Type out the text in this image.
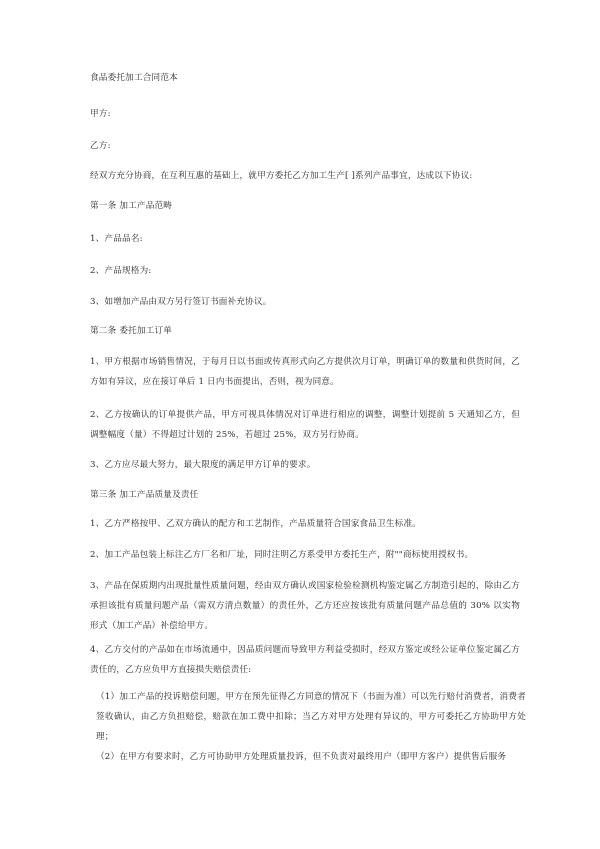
食品委托加工合同范本
甲方:
乙方:
经双方充分协商，在互利互惠的基础上，就甲方委托乙方加工生产[ ]系列产品事宜，达成以下协议:
第一条 加工产品范畴
1、产品品名:
2、产品规格为:
3、如增加产品由双方另行签订书面补充协议。
第二条 委托加工订单
1、甲方根据市场销售情况，于每月日以书面或传真形式向乙方提供次月订单，明确订单的数量和供货时间，乙方如有异议，应在接订单后 1 日内书面提出，否则，视为同意。
2、乙方按确认的订单提供产品，甲方可视具体情况对订单进行相应的调整，调整计划提前 5 天通知乙方，但调整幅度（量）不得超过计划的 25%，若超过 25%，双方另行协商。
3、乙方应尽最大努力，最大限度的满足甲方订单的要求。
第三条 加工产品质量及责任
1、乙方严格按甲、乙双方确认的配方和工艺制作，产品质量符合国家食品卫生标准。
2、加工产品包装上标注乙方厂名和厂址，同时注明乙方系受甲方委托生产，附""商标使用授权书。
3、产品在保质期内出现批量性质量问题，经由双方确认或国家检验检测机构鉴定属乙方制造引起的，除由乙方承担该批有质量问题产品（需双方清点数量）的责任外，乙方还应按该批有质量问题产品总值的 30% 以实物形式（加工产品）补偿给甲方。
4、乙方交付的产品如在市场流通中，因品质问题而导致甲方利益受损时，经双方鉴定或经公证单位鉴定属乙方责任的，乙方应负甲方直接损失赔偿责任:
（1）加工产品的投诉赔偿问题，甲方在预先征得乙方同意的情况下（书面为准）可以先行赔付消费者，消费者签收确认，由乙方负担赔偿，赔款在加工费中扣除；当乙方对甲方处理有异议的，甲方可委托乙方协助甲方处理；
（2）在甲方有要求时，乙方可协助甲方处理质量投诉，但不负责对最终用户（即甲方客户）提供售后服务
